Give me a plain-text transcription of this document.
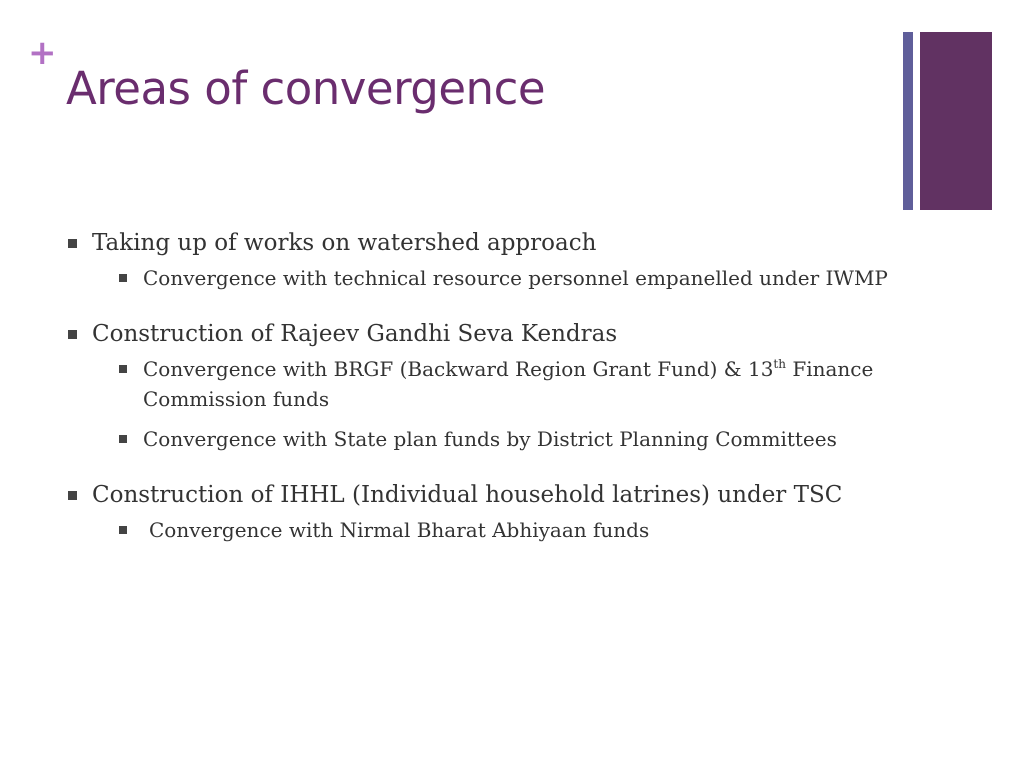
+
Areas of convergence
Taking up of works on watershed approach
Convergence with technical resource personnel empanelled under IWMP
Construction of Rajeev Gandhi Seva Kendras
Convergence with BRGF (Backward Region Grant Fund) & 13th Finance Commission funds
Convergence with State plan funds by District Planning Committees
Construction of IHHL (Individual household latrines) under TSC
Convergence with Nirmal Bharat Abhiyaan funds
